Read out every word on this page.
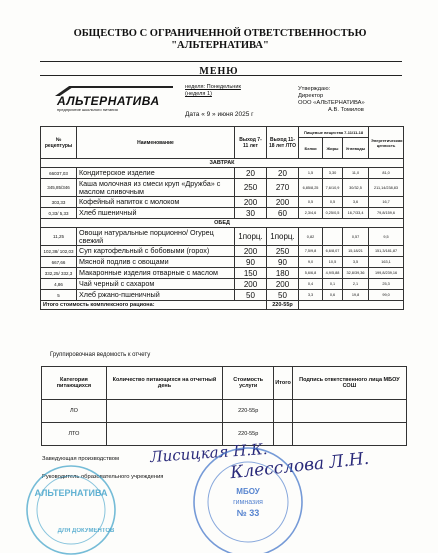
ОБЩЕСТВО С ОГРАНИЧЕННОЙ ОТВЕТСТВЕННОСТЬЮ
"АЛЬТЕРНАТИВА"
МЕНЮ
АЛЬТЕРНАТИВА
предприятие школьного питания
неделя: Понедельник
(неделя 1)
Дата « 9 » июня 2025 г
Утверждаю:
Директор
ООО «АЛЬТЕРНАТИВА»
А.В. Томилов
№ рецептуры	Наименование	Выход 7-11 лет	Выход 11-18 лет ЛТО	Пищевые вещества 7-11/11-18			Энергетическая ценность
				Белки	Жиры	Углеводы	
ЗАВТРАК							
66037,03	Кондитерское изделие	20	20	1,5	3,30	11,0	81,0
345,85/346	Каша молочная из смеси круп «Дружба» с маслом сливочным	250	270	6,85/8,25	7,6/10,9	30/32,5	211,14/238,83
303,33	Кофейный напиток с молоком	200	200	0,5	0,5	3,6	16,7
0,33/ 5,33	Хлеб пшеничный	30	60	2,3/4,6	0,25/0,5	16,7/33,4	79,8/159,6
ОБЕД							
11,25	Овощи натуральные порционно/ Огурец свежий	1порц.	1порц.	0,82		0,57	9,5
102,38/ 102,03	Суп картофельный с бобовыми (горох)	200	250	7,5/9,8	6,6/8,07	15,18/21	151,3/181,87
667,66	Мясной подлив с овощами	90	90	9,0	10,5	3,5	163,1
332,25/ 332,3	Макаронные изделия отварные с маслом	150	180	5,6/6,8	4,9/5,88	32,8/39,36	199,8/239,16
4,86	Чай черный с сахаром	200	200	0,4	0,1	2,1	25,3
5	Хлеб ржано-пшеничный	50	50	3,3	0,6	19,8	99,0
Итого стоимость комплексного рациона:			220-55р				
Группировочная ведомость к отчету
Категория питающихся	Количество питающихся на отчетный день	Стоимость услуги	Итого	Подпись ответственного лица МБОУ СОШ
ЛО		220-55р		
ЛТО		220-55р		
Заведующая производством
Руководитель образовательного учреждения
Лисицкая Н.К.
Клесслова Л.Н.
АЛЬТЕРНАТИВА
ДЛЯ ДОКУМЕНТОВ
МБОУ
гимназия
№ 33
